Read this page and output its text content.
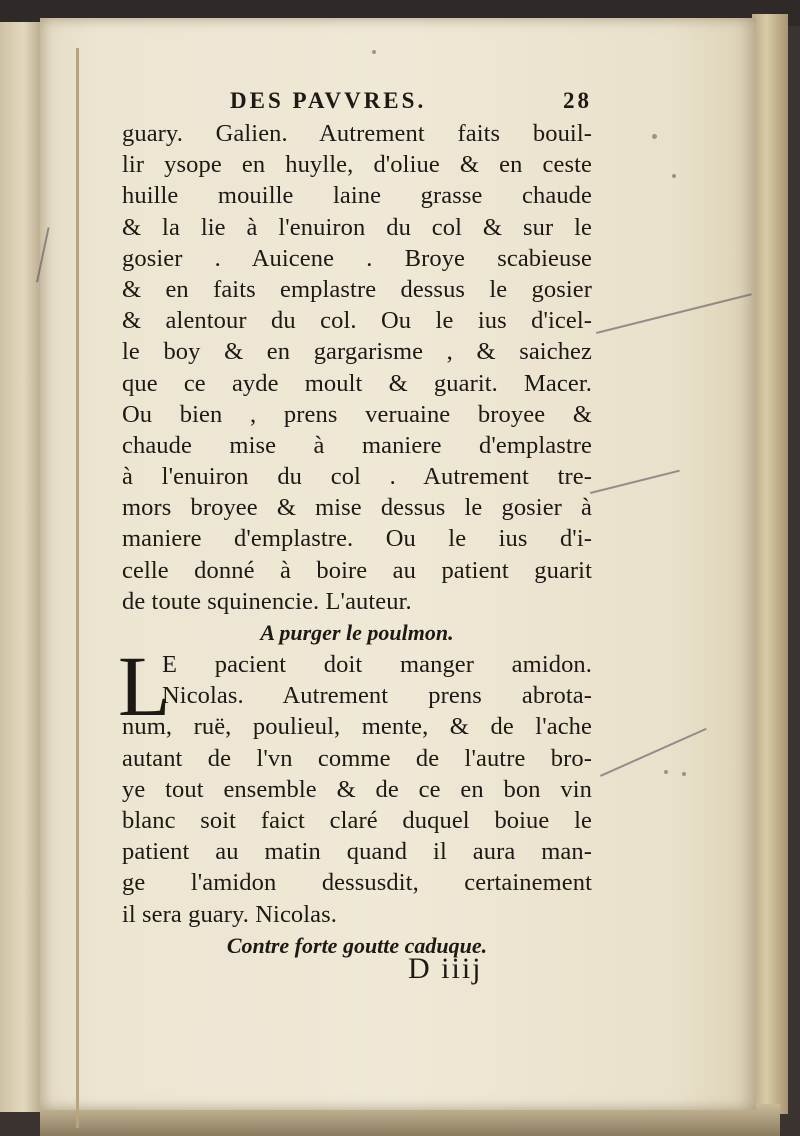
DES PAVVRES.	28
guary. Galien. Autrement faits bouil-
lir ysope en huylle, d'oliue & en ceste
huille mouille laine grasse chaude
& la lie à l'enuiron du col & sur le
gosier . Auicene . Broye scabieuse
& en faits emplastre dessus le gosier
& alentour du col. Ou le ius d'icel-
le boy & en gargarisme , & saichez
que ce ayde moult & guarit. Macer.
Ou bien , prens veruaine broyee &
chaude mise à maniere d'emplastre
à l'enuiron du col . Autrement tre-
mors broyee & mise dessus le gosier à
maniere d'emplastre. Ou le ius d'i-
celle donné à boire au patient guarit
de toute squinencie. L'auteur.
A purger le poulmon.
L
E pacient doit manger amidon.
Nicolas. Autrement prens abrota-
num, ruë, poulieul, mente, & de l'ache
autant de l'vn comme de l'autre bro-
ye tout ensemble & de ce en bon vin
blanc soit faict claré duquel boiue le
patient au matin quand il aura man-
ge l'amidon dessusdit, certainement
il sera guary. Nicolas.
Contre forte goutte caduque.
D iiij
